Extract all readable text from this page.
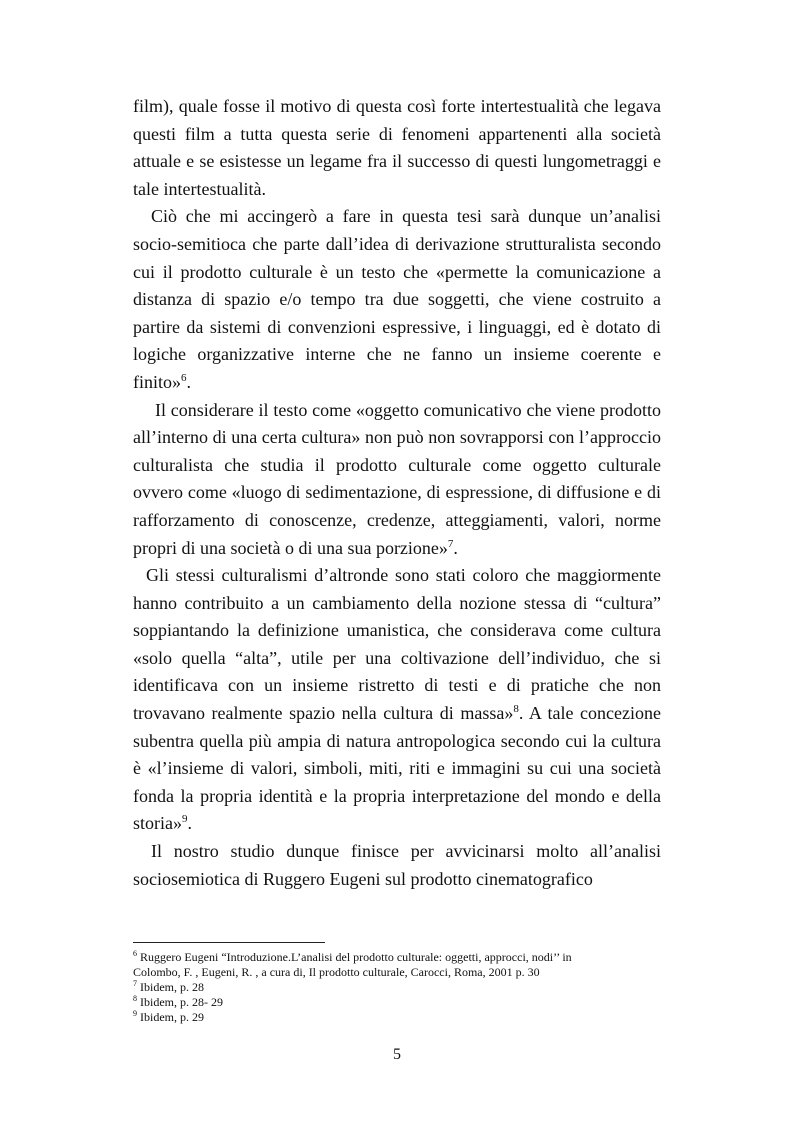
film), quale fosse il motivo di questa così forte intertestualità che legava questi film a tutta questa serie di fenomeni appartenenti alla società attuale e se esistesse un legame fra il successo di questi lungometraggi e tale intertestualità.

Ciò che mi accingerò a fare in questa tesi sarà dunque un’analisi socio-semitioca che parte dall’idea di derivazione strutturalista secondo cui il prodotto culturale è un testo che «permette la comunicazione a distanza di spazio e/o tempo tra due soggetti, che viene costruito a partire da sistemi di convenzioni espressive, i linguaggi, ed è dotato di logiche organizzative interne che ne fanno un insieme coerente e finito»$^6$.

Il considerare il testo come «oggetto comunicativo che viene prodotto all’interno di una certa cultura» non può non sovrapporsi con l’approccio culturalista che studia il prodotto culturale come oggetto culturale ovvero come «luogo di sedimentazione, di espressione, di diffusione e di rafforzamento di conoscenze, credenze, atteggiamenti, valori, norme propri di una società o di una sua porzione»$^7$.

Gli stessi culturalismi d’altronde sono stati coloro che maggiormente hanno contribuito a un cambiamento della nozione stessa di “cultura” soppiantando la definizione umanistica, che considerava come cultura «solo quella “alta”, utile per una coltivazione dell’individuo, che si identificava con un insieme ristretto di testi e di pratiche che non trovavano realmente spazio nella cultura di massa»$^8$. A tale concezione subentra quella più ampia di natura antropologica secondo cui la cultura è «l’insieme di valori, simboli, miti, riti e immagini su cui una società fonda la propria identità e la propria interpretazione del mondo e della storia»$^9$.

Il nostro studio dunque finisce per avvicinarsi molto all’analisi sociosemiotica di Ruggero Eugeni sul prodotto cinematografico

$^6$ Ruggero Eugeni “Introduzione.L’analisi del prodotto culturale: oggetti, approcci, nodi’’ in

Colombo, F. , Eugeni, R. , a cura di, Il prodotto culturale, Carocci, Roma, 2001 p. 30

$^7$ Ibidem, p. 28

$^8$ Ibidem, p. 28- 29

$^9$ Ibidem, p. 29

5
